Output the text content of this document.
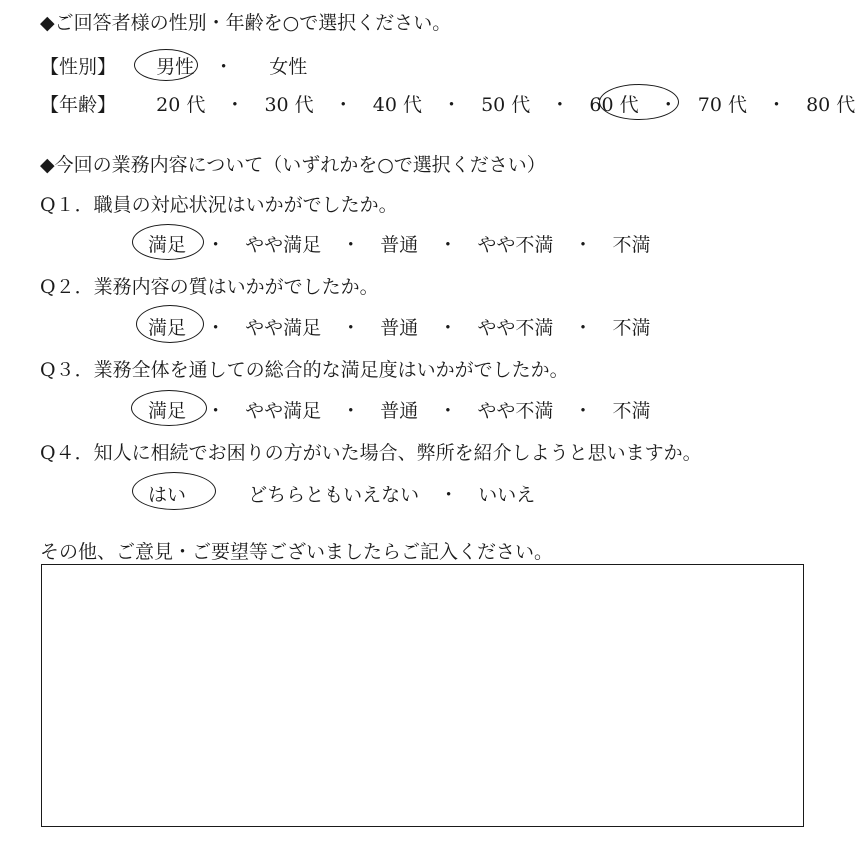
◆ご回答者様の性別・年齢を○で選択ください。
【性別】 男性 ・ 女性
【年齢】 20 代 ・ 30 代 ・ 40 代 ・ 50 代 ・ 60 代 ・ 70 代 ・ 80 代
◆今回の業務内容について（いずれかを○で選択ください）
Q１．職員の対応状況はいかがでしたか。
満足 ・ やや満足 ・ 普通 ・ やや不満 ・ 不満
Q２．業務内容の質はいかがでしたか。
満足 ・ やや満足 ・ 普通 ・ やや不満 ・ 不満
Q３．業務全体を通しての総合的な満足度はいかがでしたか。
満足 ・ やや満足 ・ 普通 ・ やや不満 ・ 不満
Q４．知人に相続でお困りの方がいた場合、弊所を紹介しようと思いますか。
はい	どちらともいえない ・ いいえ
その他、ご意見・ご要望等ございましたらご記入ください。
